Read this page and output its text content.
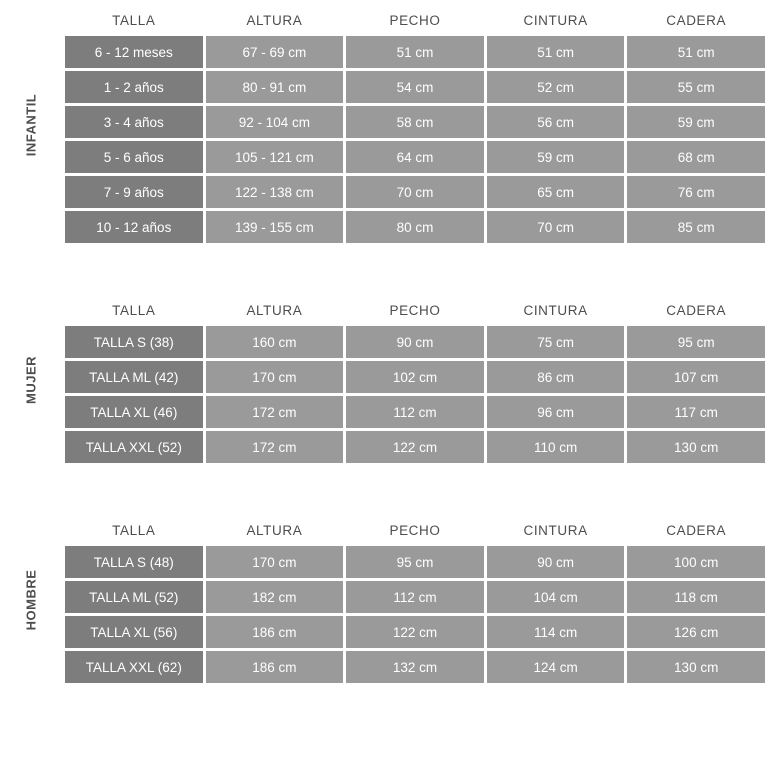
INFANTIL
TALLA	ALTURA	PECHO	CINTURA	CADERA
6 - 12 meses	67 - 69 cm	51 cm	51 cm	51 cm
1 - 2 años	80 - 91 cm	54 cm	52 cm	55 cm
3 - 4 años	92 - 104 cm	58 cm	56 cm	59 cm
5 - 6 años	105 - 121 cm	64 cm	59 cm	68 cm
7 - 9 años	122 - 138 cm	70 cm	65 cm	76 cm
10 - 12 años	139 - 155 cm	80 cm	70 cm	85 cm
MUJER
TALLA	ALTURA	PECHO	CINTURA	CADERA
TALLA S (38)	160 cm	90 cm	75 cm	95 cm
TALLA ML (42)	170 cm	102 cm	86 cm	107 cm
TALLA XL (46)	172 cm	112 cm	96 cm	117 cm
TALLA XXL (52)	172 cm	122 cm	110 cm	130 cm
HOMBRE
TALLA	ALTURA	PECHO	CINTURA	CADERA
TALLA S (48)	170 cm	95 cm	90 cm	100 cm
TALLA ML (52)	182 cm	112 cm	104 cm	118 cm
TALLA XL (56)	186 cm	122 cm	114 cm	126 cm
TALLA XXL (62)	186 cm	132 cm	124 cm	130 cm
